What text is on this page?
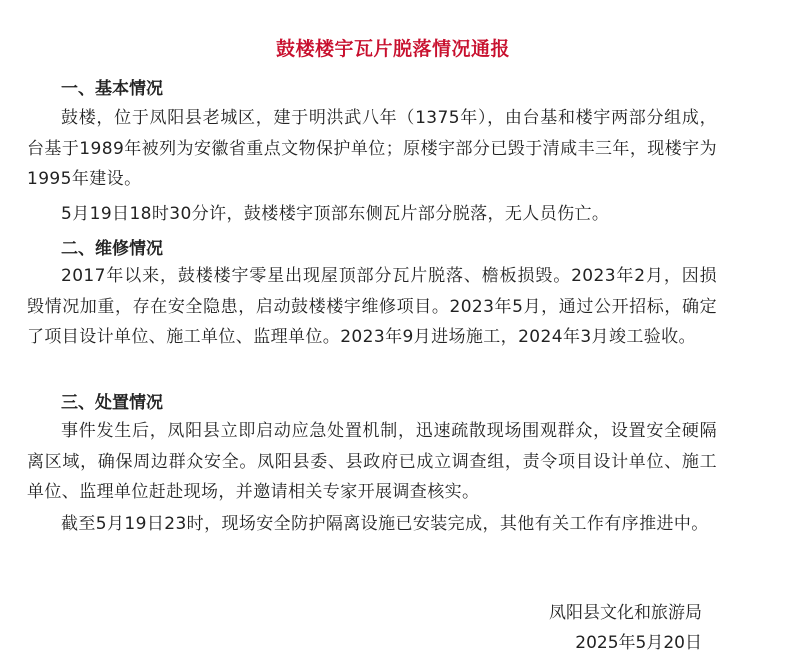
鼓楼楼宇瓦片脱落情况通报
一、基本情况
鼓楼，位于凤阳县老城区，建于明洪武八年（1375年），由台基和楼宇两部分组成，台基于1989年被列为安徽省重点文物保护单位；原楼宇部分已毁于清咸丰三年，现楼宇为1995年建设。
5月19日18时30分许，鼓楼楼宇顶部东侧瓦片部分脱落，无人员伤亡。
二、维修情况
2017年以来，鼓楼楼宇零星出现屋顶部分瓦片脱落、檐板损毁。2023年2月，因损毁情况加重，存在安全隐患，启动鼓楼楼宇维修项目。2023年5月，通过公开招标，确定了项目设计单位、施工单位、监理单位。2023年9月进场施工，2024年3月竣工验收。
三、处置情况
事件发生后，凤阳县立即启动应急处置机制，迅速疏散现场围观群众，设置安全硬隔离区域，确保周边群众安全。凤阳县委、县政府已成立调查组，责令项目设计单位、施工单位、监理单位赶赴现场，并邀请相关专家开展调查核实。
截至5月19日23时，现场安全防护隔离设施已安装完成，其他有关工作有序推进中。
凤阳县文化和旅游局
2025年5月20日
